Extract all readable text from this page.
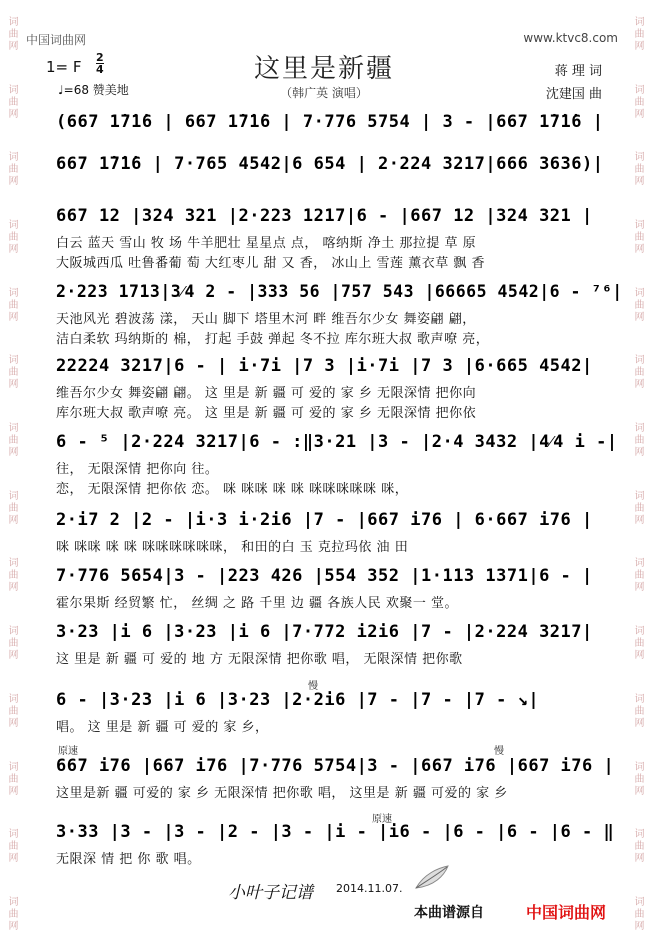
词曲网
词曲网
词曲网
词曲网
词曲网
词曲网
词曲网
词曲网
词曲网
词曲网
词曲网
词曲网
词曲网
词曲网
词曲网
词曲网
词曲网
词曲网
词曲网
词曲网
词曲网
词曲网
词曲网
词曲网
词曲网
词曲网
词曲网
词曲网
中国词曲网	www.ktvc8.com
这里是新疆
（韩广英 演唱）
1= F
2
4
♩=68 赞美地
蒋 理 词
沈建国 曲
(667 1̇7̇1̇6 | 667 1̇7̇1̇6 | 7·776 5754 | 3 - |667 1̇7̇1̇6 |
667 1̇7̇1̇6 | 7·765 4542|6 654 | 2·224 3217|666 3636)|
667 12 |324 321 |2·223 1217|6 - |667 12 |324 321 |
白云 蓝天 雪山 牧 场 牛羊肥壮 星星点 点， 喀纳斯 净土 那拉提 草 原
大阪城西瓜 吐鲁番葡 萄 大红枣儿 甜 又 香， 冰山上 雪莲 薰衣草 飘 香
2·223 1713|3⁄4 2 - |333 56 |757 543 |66665 4542|6 - ⁷⁶|
天池风光 碧波荡 漾， 天山 脚下 塔里木河 畔 维吾尔少女 舞姿翩 翩，
洁白柔软 玛纳斯的 棉， 打起 手鼓 弹起 冬不拉 库尔班大叔 歌声嘹 亮，
22224 3217|6 - | i·7i |7 3 |i·7i |7 3 |6·665 4542|
维吾尔少女 舞姿翩 翩。 这 里是 新 疆 可 爱的 家 乡 无限深情 把你向
库尔班大叔 歌声嘹 亮。 这 里是 新 疆 可 爱的 家 乡 无限深情 把你依
6 - ⁵ |2·224 3217|6 - :‖3·21 |3 - |2·4 3432 |4⁄4 i -|
往， 无限深情 把你向 往。
恋， 无限深情 把你依 恋。 咪 咪咪 咪 咪 咪咪咪咪咪 咪，
2·i7 2 |2 - |i·3 i·2i6 |7 - |667 i76 | 6·667 i76 |
咪 咪咪 咪 咪 咪咪咪咪咪咪， 和田的白 玉 克拉玛依 油 田
7·776 5654|3 - |223 426 |554 352 |1·113 1371|6 - |
霍尔果斯 经贸繁 忙， 丝绸 之 路 千里 边 疆 各族人民 欢聚一 堂。
3·23 |i 6 |3·23 |i 6 |7·772 i2i6 |7 - |2·224 3217|
这 里是 新 疆 可 爱的 地 方 无限深情 把你歌 唱， 无限深情 把你歌
6 - |3·23 |i 6 |3·23 |2·2i6 |7 - |7 - |7 - ↘|
唱。 这 里是 新 疆 可 爱的 家 乡，
667 i76 |667 i76 |7·776 5754|3 - |667 i76 |667 i76 |
这里是新 疆 可爱的 家 乡 无限深情 把你歌 唱， 这里是 新 疆 可爱的 家 乡
3·33 |3 - |3 - |2 - |3 - |i - |i6 - |6 - |6 - |6 - ‖
无限深 情 把 你 歌 唱。
慢
原速	慢
原速
小叶子记谱 2014.11.07.
本曲谱源自	中国词曲网
